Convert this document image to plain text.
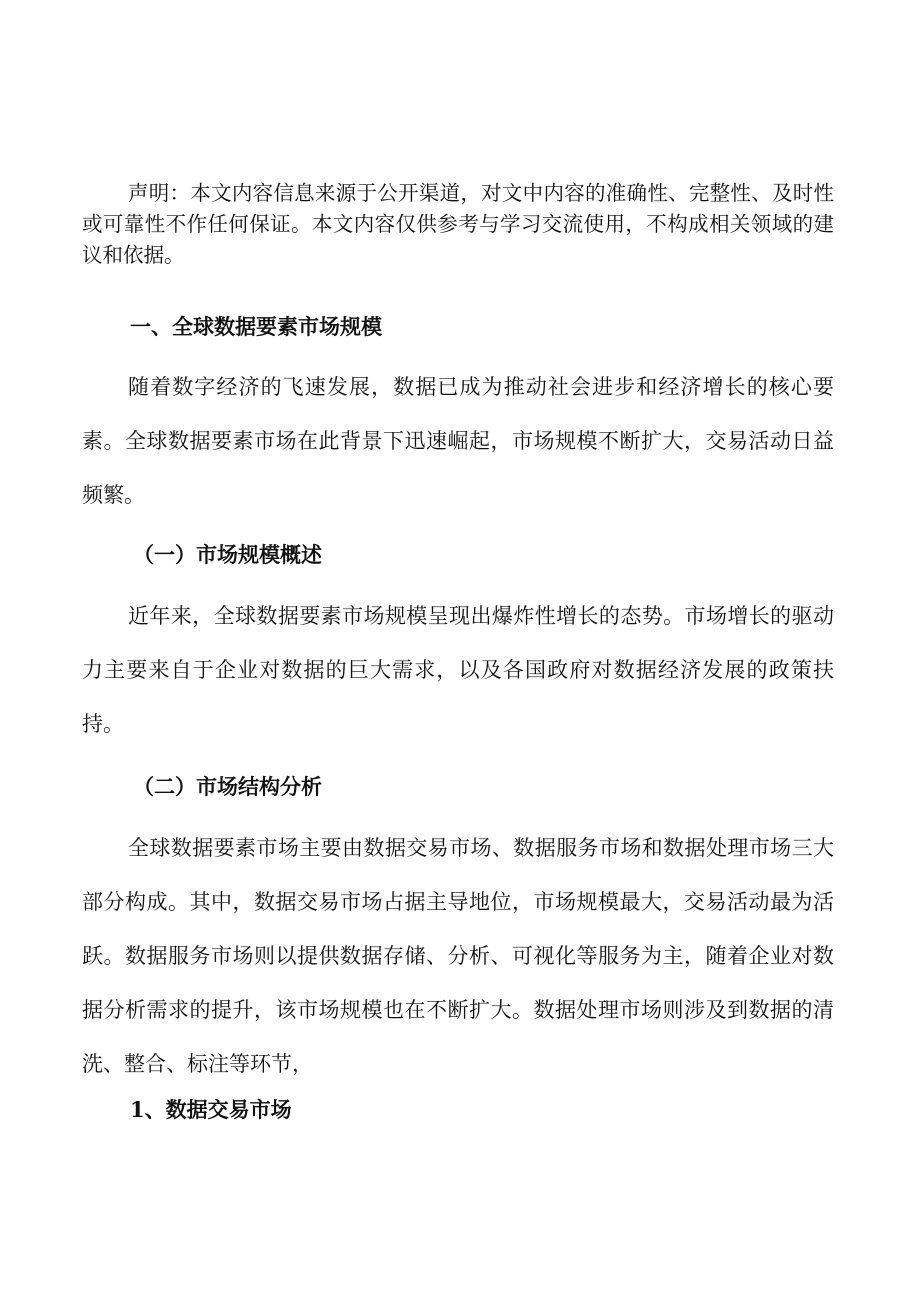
声明：本文内容信息来源于公开渠道，对文中内容的准确性、完整性、及时性或可靠性不作任何保证。本文内容仅供参考与学习交流使用，不构成相关领域的建议和依据。

一、全球数据要素市场规模

随着数字经济的飞速发展，数据已成为推动社会进步和经济增长的核心要素。全球数据要素市场在此背景下迅速崛起，市场规模不断扩大，交易活动日益频繁。

（一）市场规模概述

近年来，全球数据要素市场规模呈现出爆炸性增长的态势。市场增长的驱动力主要来自于企业对数据的巨大需求，以及各国政府对数据经济发展的政策扶持。

（二）市场结构分析

全球数据要素市场主要由数据交易市场、数据服务市场和数据处理市场三大部分构成。其中，数据交易市场占据主导地位，市场规模最大，交易活动最为活跃。数据服务市场则以提供数据存储、分析、可视化等服务为主，随着企业对数据分析需求的提升，该市场规模也在不断扩大。数据处理市场则涉及到数据的清洗、整合、标注等环节，

1、数据交易市场
